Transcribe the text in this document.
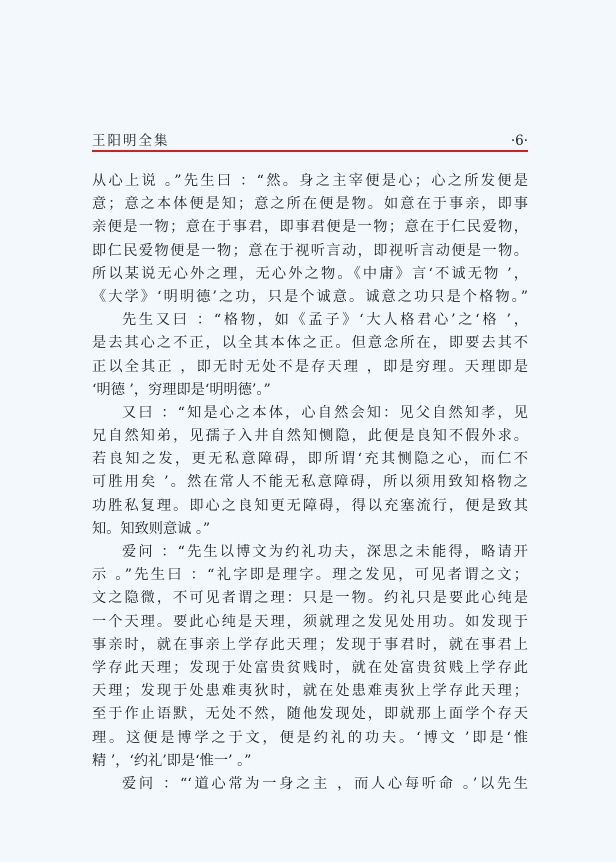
王阳明全集	·6·
从心上说 。”先生曰 ：“然。身之主宰便是心；心之所发便是
意；意之本体便是知；意之所在便是物。如意在于事亲，即事
亲便是一物；意在于事君，即事君便是一物；意在于仁民爱物，
即仁民爱物便是一物；意在于视听言动，即视听言动便是一物。
所以某说无心外之理，无心外之物。《中庸》言‘不诚无物 ’，
《大学》‘明明德’之功，只是个诚意。诚意之功只是个格物。”
先生又曰 ：“格物，如《孟子》‘大人格君心’之‘格 ’，
是去其心之不正，以全其本体之正。但意念所在，即要去其不
正以全其正 ，即无时无处不是存天理 ，即是穷理。天理即是
‘明德 ’，穷理即是‘明明德’。”
又曰 ：“知是心之本体，心自然会知：见父自然知孝，见
兄自然知弟，见孺子入井自然知恻隐，此便是良知不假外求。
若良知之发，更无私意障碍，即所谓‘充其恻隐之心，而仁不
可胜用矣 ’。然在常人不能无私意障碍，所以须用致知格物之
功胜私复理。即心之良知更无障碍，得以充塞流行，便是致其
知。知致则意诚 。”
爱问 ：“先生以博文为约礼功夫，深思之未能得，略请开
示 。”先生曰 ：“礼字即是理字。理之发见，可见者谓之文；
文之隐微，不可见者谓之理：只是一物。约礼只是要此心纯是
一个天理。要此心纯是天理，须就理之发见处用功。如发现于
事亲时，就在事亲上学存此天理；发现于事君时，就在事君上
学存此天理；发现于处富贵贫贱时，就在处富贵贫贱上学存此
天理；发现于处患难夷狄时，就在处患难夷狄上学存此天理；
至于作止语默，无处不然，随他发现处，即就那上面学个存天
理。这便是博学之于文，便是约礼的功夫。‘博文 ’即是‘惟
精 ’，‘约礼’即是‘惟一’ 。”
爱问 ：“‘道心常为一身之主 ，而人心每听命 。’以先生
